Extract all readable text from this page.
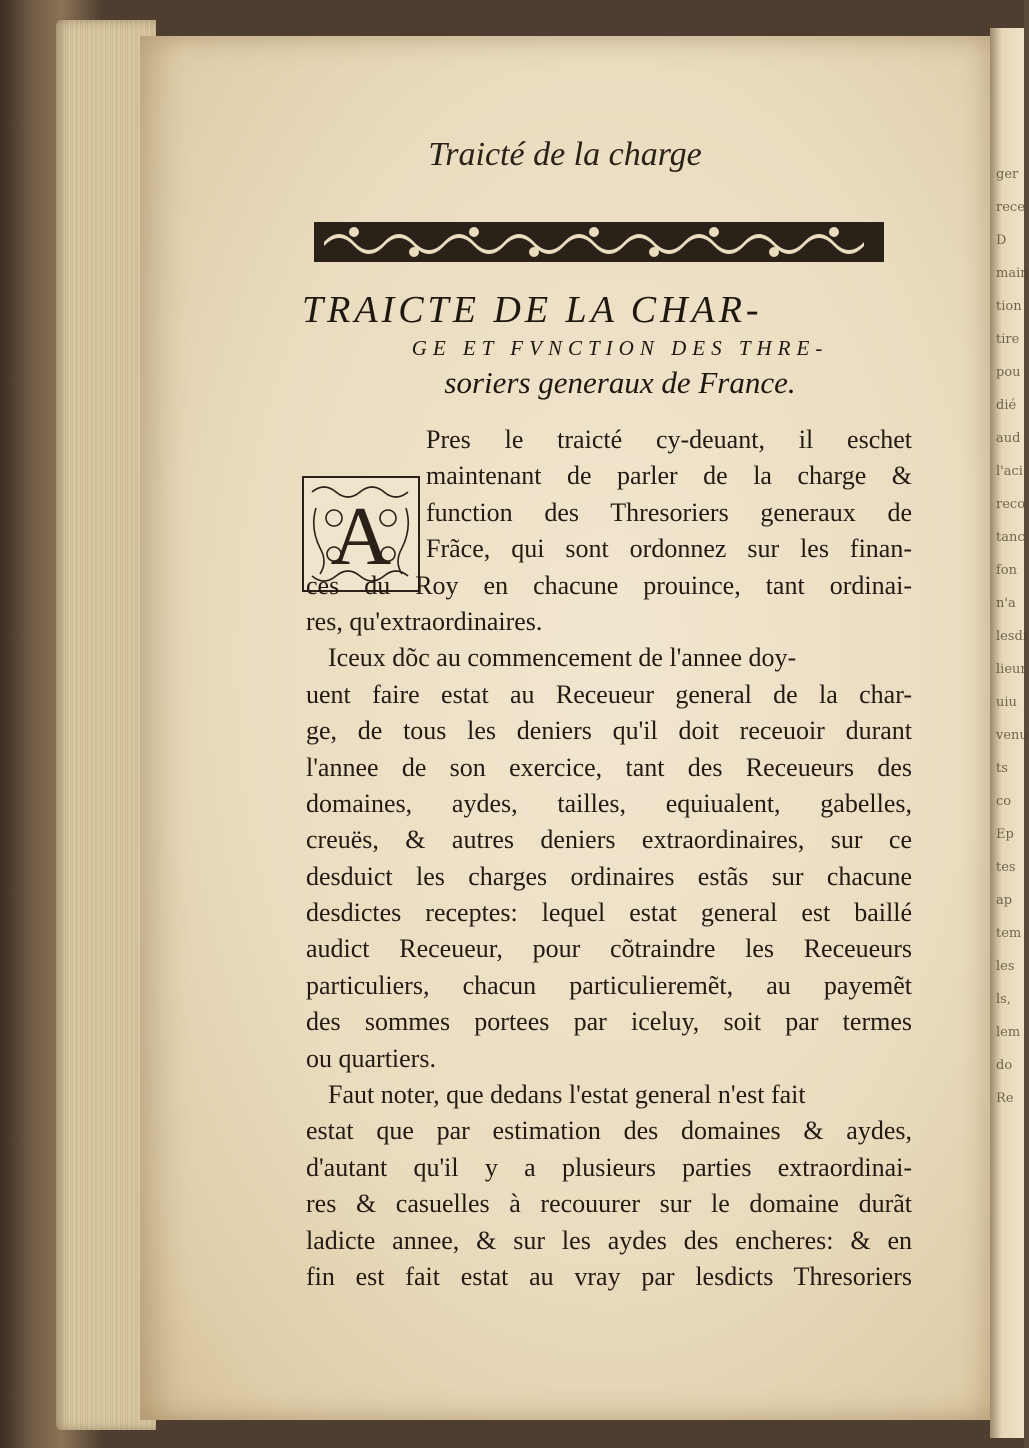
ger
rece
D
main
tion
tire
pou
dié
aud
l'aci
reco
tanc
fon
n'a
lesdi
lieur
uiu
venu
ts
co
Ep
tes
ap
tem
les
ls,
lem
do
Re
Traicté de la charge
TRAICTE DE LA CHAR-
GE ET FVNCTION DES THRE-
soriers generaux de France.
A
Pres le traicté cy-deuant, il eschet
maintenant de parler de la charge &
function des Thresoriers generaux de
Frãce, qui sont ordonnez sur les finan-
ces du Roy en chacune prouince, tant ordinai-
res, qu'extraordinaires.
Iceux dõc au commencement de l'annee doy-
uent faire estat au Receueur general de la char-
ge, de tous les deniers qu'il doit receuoir durant
l'annee de son exercice, tant des Receueurs des
domaines, aydes, tailles, equiualent, gabelles,
creuës, & autres deniers extraordinaires, sur ce
desduict les charges ordinaires estãs sur chacune
desdictes receptes: lequel estat general est baillé
audict Receueur, pour cõtraindre les Receueurs
particuliers, chacun particulieremẽt, au payemẽt
des sommes portees par iceluy, soit par termes
ou quartiers.
Faut noter, que dedans l'estat general n'est fait
estat que par estimation des domaines & aydes,
d'autant qu'il y a plusieurs parties extraordinai-
res & casuelles à recouurer sur le domaine durãt
ladicte annee, & sur les aydes des encheres: & en
fin est fait estat au vray par lesdicts Thresoriers
